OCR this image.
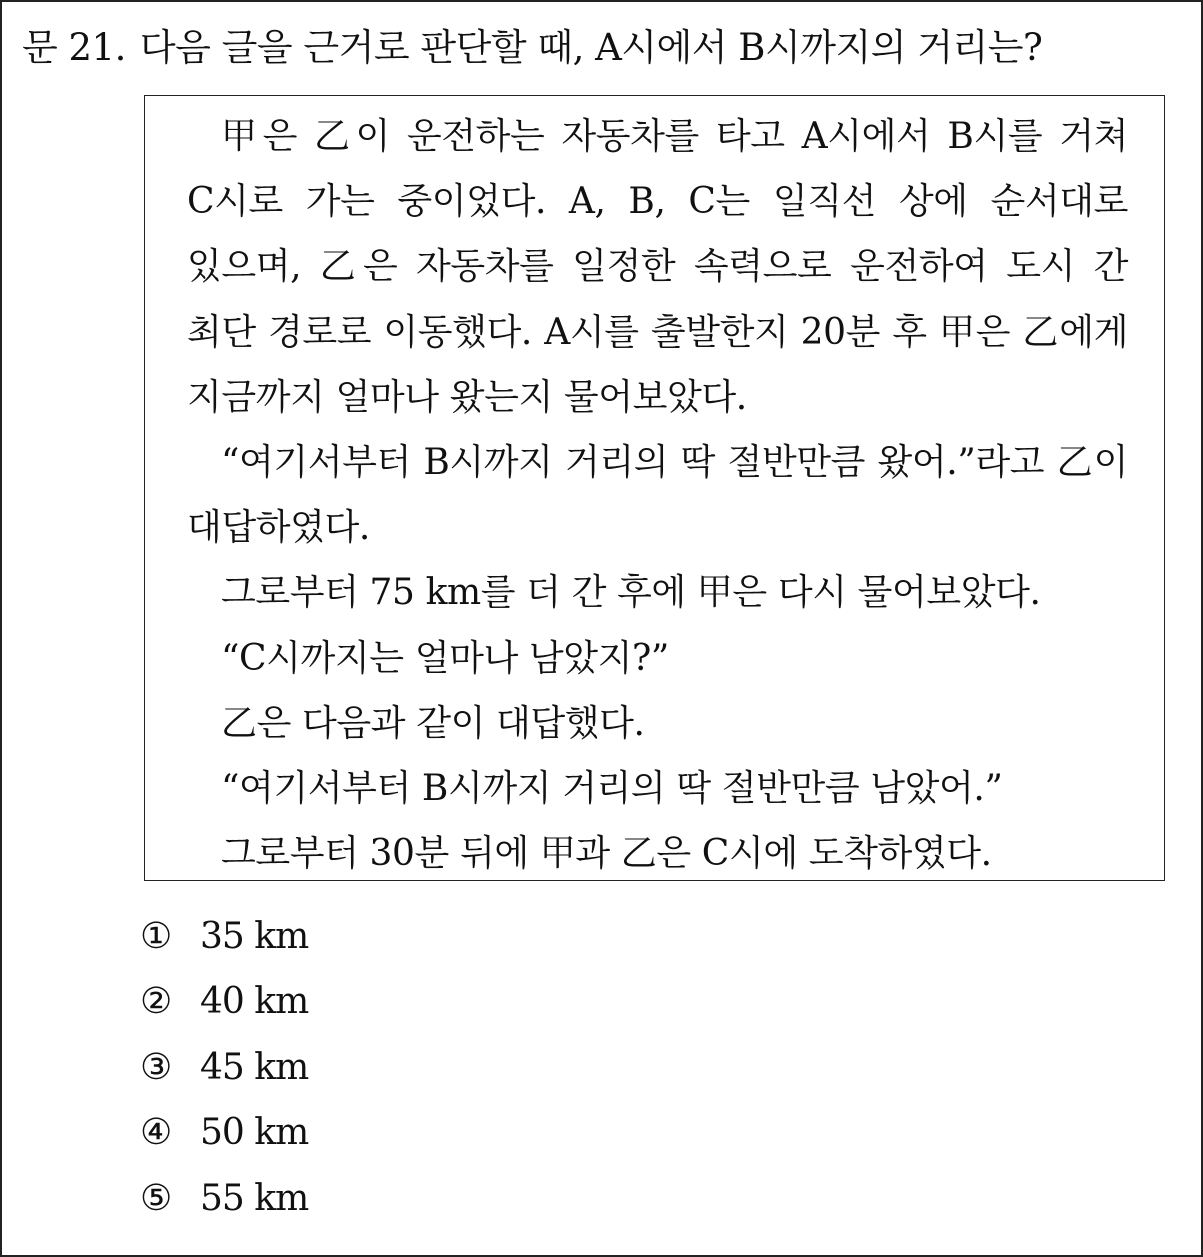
문 21. 다음 글을 근거로 판단할 때, A시에서 B시까지의 거리는?
甲은 乙이 운전하는 자동차를 타고 A시에서 B시를 거쳐
C시로 가는 중이었다. A, B, C는 일직선 상에 순서대로
있으며, 乙은 자동차를 일정한 속력으로 운전하여 도시 간
최단 경로로 이동했다. A시를 출발한지 20분 후 甲은 乙에게
지금까지 얼마나 왔는지 물어보았다.
“여기서부터 B시까지 거리의 딱 절반만큼 왔어.”라고 乙이
대답하였다.
그로부터 75 km를 더 간 후에 甲은 다시 물어보았다.
“C시까지는 얼마나 남았지?”
乙은 다음과 같이 대답했다.
“여기서부터 B시까지 거리의 딱 절반만큼 남았어.”
그로부터 30분 뒤에 甲과 乙은 C시에 도착하였다.
① 35 km
② 40 km
③ 45 km
④ 50 km
⑤ 55 km
